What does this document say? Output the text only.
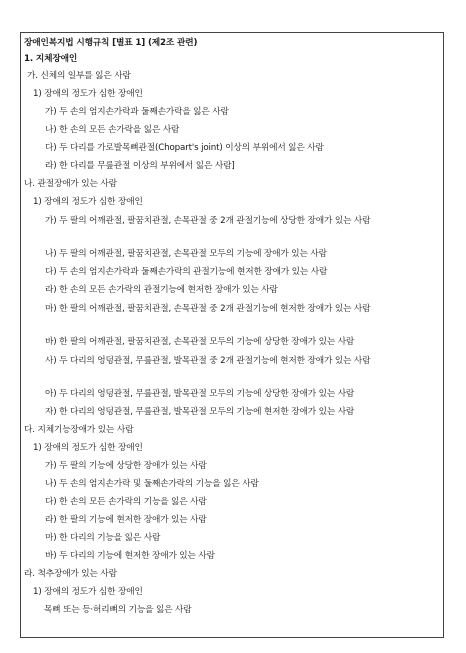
장애인복지법 시행규칙 [별표 1] (제2조 관련)
1. 지체장애인
가. 신체의 일부를 잃은 사람
1) 장애의 정도가 심한 장애인
가) 두 손의 엄지손가락과 둘째손가락을 잃은 사람
나) 한 손의 모든 손가락을 잃은 사람
다) 두 다리를 가로발목뼈관절(Chopart's joint) 이상의 부위에서 잃은 사람
라) 한 다리를 무릎관절 이상의 부위에서 잃은 사람]
나. 관절장애가 있는 사람
1) 장애의 정도가 심한 장애인
가) 두 팔의 어깨관절, 팔꿈치관절, 손목관절 중 2개 관절기능에 상당한 장애가 있는 사람
나) 두 팔의 어깨관절, 팔꿈치관절, 손목관절 모두의 기능에 장애가 있는 사람
다) 두 손의 엄지손가락과 둘째손가락의 관절기능에 현저한 장애가 있는 사람
라) 한 손의 모든 손가락의 관절기능에 현저한 장애가 있는 사람
마) 한 팔의 어깨관절, 팔꿈치관절, 손목관절 중 2개 관절기능에 현저한 장애가 있는 사람
바) 한 팔의 어깨관절, 팔꿈치관절, 손목관절 모두의 기능에 상당한 장애가 있는 사람
사) 두 다리의 엉덩관절, 무릎관절, 발목관절 중 2개 관절기능에 현저한 장애가 있는 사람
아) 두 다리의 엉덩관절, 무릎관절, 발목관절 모두의 기능에 상당한 장애가 있는 사람
자) 한 다리의 엉덩관절, 무릎관절, 발목관절 모두의 기능에 현저한 장애가 있는 사람
다. 지체기능장애가 있는 사람
1) 장애의 정도가 심한 장애인
가) 두 팔의 기능에 상당한 장애가 있는 사람
나) 두 손의 엄지손가락 및 둘째손가락의 기능을 잃은 사람
다) 한 손의 모든 손가락의 기능을 잃은 사람
라) 한 팔의 기능에 현저한 장애가 있는 사람
마) 한 다리의 기능을 잃은 사람
바) 두 다리의 기능에 현저한 장애가 있는 사람
라. 척추장애가 있는 사람
1) 장애의 정도가 심한 장애인
목뼈 또는 등·허리뼈의 기능을 잃은 사람
